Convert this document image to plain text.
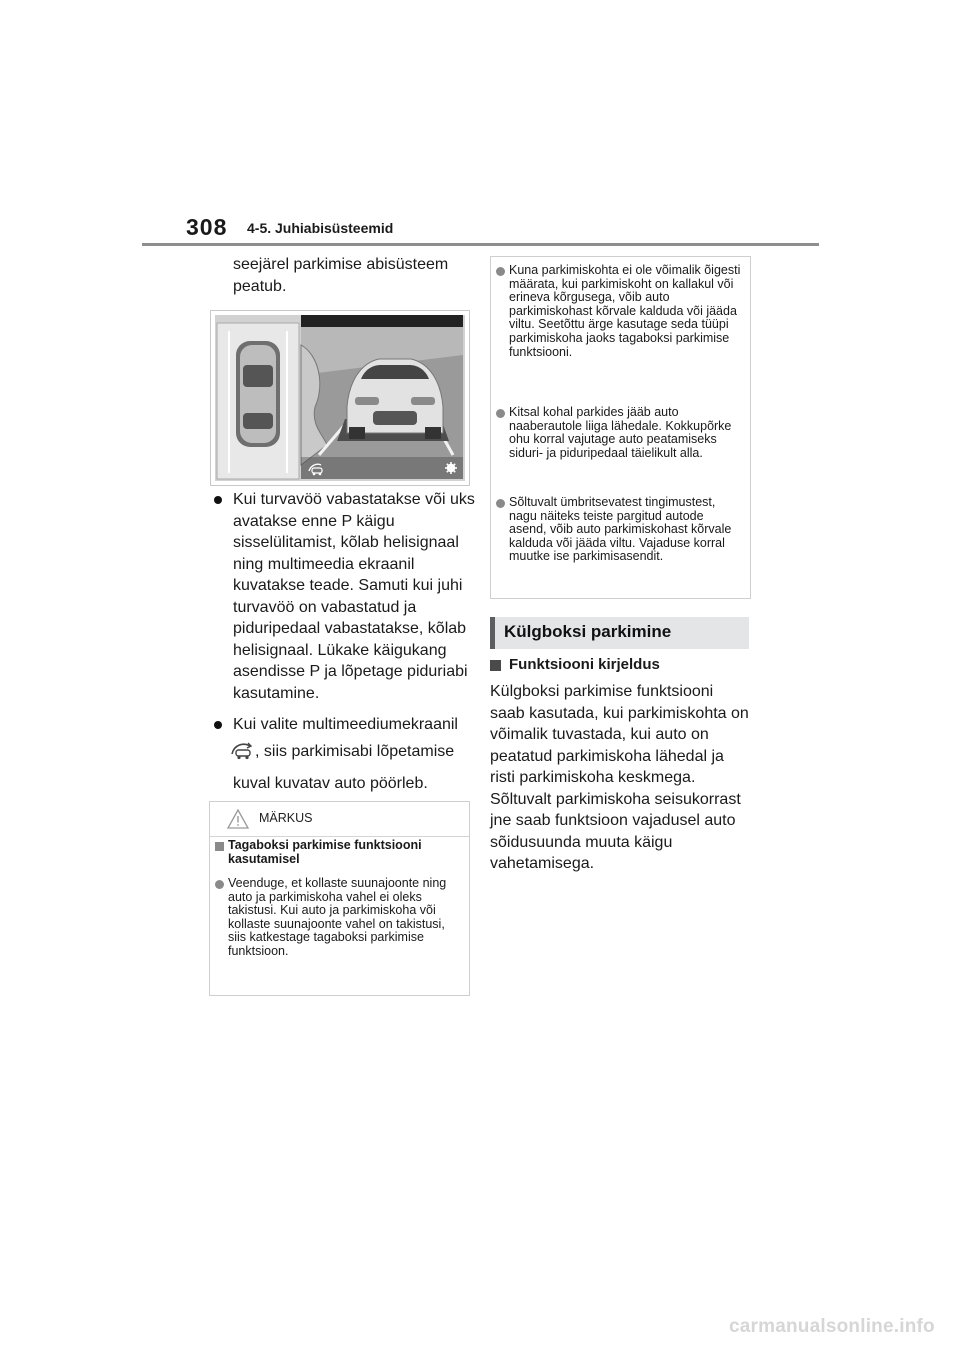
308 4-5. Juhiabisüsteemid
seejärel parkimise abisüsteem peatub.
Kui turvavöö vabastatakse või uks avatakse enne P käigu sisselülitamist, kõlab helisignaal ning multimeedia ekraanil kuvatakse teade. Samuti kui juhi turvavöö on vabastatud ja piduripedaal vabastatakse, kõlab helisignaal. Lükake käigukang asendisse P ja lõpetage piduriabi kasutamine.
Kui valite multimeediumekraanil
, siis parkimisabi lõpetamise kuval kuvatav auto pöörleb.
MÄRKUS
Tagaboksi parkimise funktsiooni kasutamisel
Veenduge, et kollaste suunajoonte ning auto ja parkimiskoha vahel ei oleks takistusi. Kui auto ja parkimiskoha või kollaste suunajoonte vahel on takistusi, siis katkestage tagaboksi parkimise funktsioon.
Kuna parkimiskohta ei ole võimalik õigesti määrata, kui parkimiskoht on kallakul või erineva kõrgusega, võib auto parkimiskohast kõrvale kalduda või jääda viltu. Seetõttu ärge kasutage seda tüüpi parkimiskoha jaoks tagaboksi parkimise funktsiooni.
Kitsal kohal parkides jääb auto naaberautole liiga lähedale. Kokkupõrke ohu korral vajutage auto peatamiseks siduri- ja piduripedaal täielikult alla.
Sõltuvalt ümbritsevatest tingimustest, nagu näiteks teiste pargitud autode asend, võib auto parkimiskohast kõrvale kalduda või jääda viltu. Vajaduse korral muutke ise parkimisasendit.
Külgboksi parkimine
Funktsiooni kirjeldus
Külgboksi parkimise funktsiooni saab kasutada, kui parkimiskohta on võimalik tuvastada, kui auto on peatatud parkimiskoha lähedal ja risti parkimiskoha keskmega. Sõltuvalt parkimiskoha seisukorrast jne saab funktsioon vajadusel auto sõidusuunda muuta käigu vahetamisega.
carmanualsonline.info
